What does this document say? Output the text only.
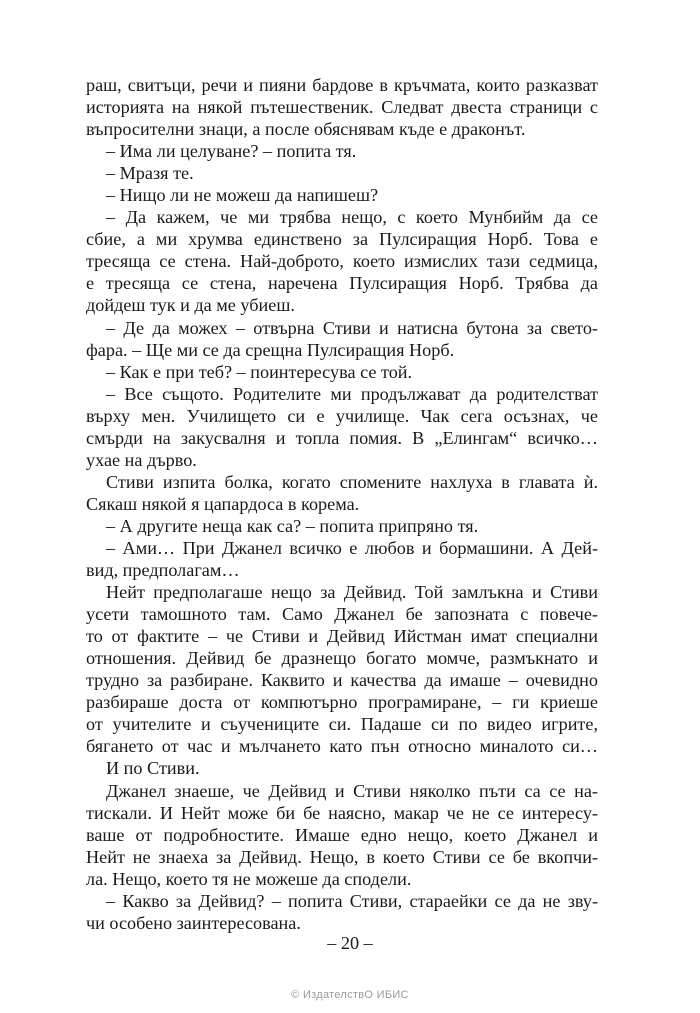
раш, свитъци, речи и пияни бардове в кръчмата, които разказват
историята на някой пътешественик. Следват двеста страници с
въпросителни знаци, а после обяснявам къде е драконът.
– Има ли целуване? – попита тя.
– Мразя те.
– Нищо ли не можеш да напишеш?
– Да кажем, че ми трябва нещо, с което Мунбийм да се
сбие, а ми хрумва единствено за Пулсиращия Норб. Това е
тресяща се стена. Най-доброто, което измислих тази седмица,
е тресяща се стена, наречена Пулсиращия Норб. Трябва да
дойдеш тук и да ме убиеш.
– Де да можех – отвърна Стиви и натисна бутона за свето-
фара. – Ще ми се да срещна Пулсиращия Норб.
– Как е при теб? – поинтересува се той.
– Все същото. Родителите ми продължават да родителстват
върху мен. Училището си е училище. Чак сега осъзнах, че
смърди на закусвалня и топла помия. В „Елингам“ всичко…
ухае на дърво.
Стиви изпита болка, когато спомените нахлуха в главата ѝ.
Сякаш някой я цапардоса в корема.
– А другите неща как са? – попита припряно тя.
– Ами… При Джанел всичко е любов и бормашини. А Дей-
вид, предполагам…
Нейт предполагаше нещо за Дейвид. Той замлъкна и Стиви
усети тамошното там. Само Джанел бе запозната с повече-
то от фактите – че Стиви и Дейвид Ийстман имат специални
отношения. Дейвид бе дразнещо богато момче, размъкнато и
трудно за разбиране. Каквито и качества да имаше – очевидно
разбираше доста от компютърно програмиране, – ги криеше
от учителите и съучениците си. Падаше си по видео игрите,
бягането от час и мълчането като пън относно миналото си…
И по Стиви.
Джанел знаеше, че Дейвид и Стиви няколко пъти са се на-
тискали. И Нейт може би бе наясно, макар че не се интересу-
ваше от подробностите. Имаше едно нещо, което Джанел и
Нейт не знаеха за Дейвид. Нещо, в което Стиви се бе вкопчи-
ла. Нещо, което тя не можеше да сподели.
– Какво за Дейвид? – попита Стиви, стараейки се да не зву-
чи особено заинтересована.
– 20 –
© ИздателствО ИБИС
